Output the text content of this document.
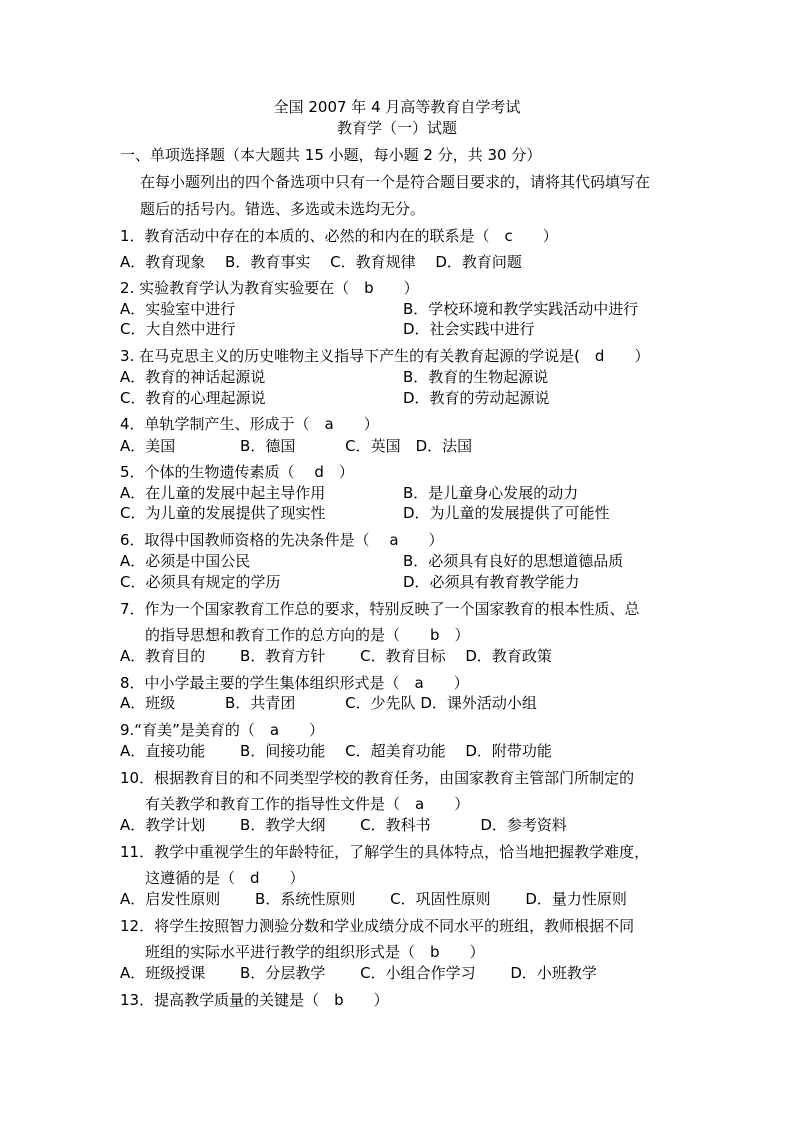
全国 2007 年 4 月高等教育自学考试
教育学（一）试题
一、单项选择题（本大题共 15 小题，每小题 2 分，共 30 分）
在每小题列出的四个备选项中只有一个是符合题目要求的，请将其代码填写在
题后的括号内。错选、多选或未选均无分。
1．教育活动中存在的本质的、必然的和内在的联系是（　c　　）
A．教育现象　 B．教育事实　 C．教育规律　 D．教育问题
2. 实验教育学认为教育实验要在（　b　　）
A．实验室中进行	B．学校环境和教学实践活动中进行
C．大自然中进行	D．社会实践中进行
3. 在马克思主义的历史唯物主义指导下产生的有关教育起源的学说是(　d　　）
A．教育的神话起源说	B．教育的生物起源说
C．教育的心理起源说	D．教育的劳动起源说
4．单轨学制产生、形成于（　a　　）
A．美国　　　　 B．德国　　　 C．英国　D．法国
5．个体的生物遗传素质（　 d　）
A．在儿童的发展中起主导作用	B．是儿童身心发展的动力
C．为儿童的发展提供了现实性	D．为儿童的发展提供了可能性
6．取得中国教师资格的先决条件是（　 a　　）
A．必须是中国公民	B．必须具有良好的思想道德品质
C．必须具有规定的学历	D．必须具有教育教学能力
7．作为一个国家教育工作总的要求，特别反映了一个国家教育的根本性质、总
的指导思想和教育工作的总方向的是（　　b　）
A．教育目的　　 B．教育方针　　 C．教育目标　 D．教育政策
8．中小学最主要的学生集体组织形式是（　a　　）
A．班级　　　 B．共青团　　　 C．少先队 D．课外活动小组
9.“育美”是美育的（　a　　）
A．直接功能　　 B．间接功能　 C．超美育功能　 D．附带功能
10．根据教育目的和不同类型学校的教育任务，由国家教育主管部门所制定的
有关教学和教育工作的指导性文件是（　a　　）
A．教学计划　　 B．教学大纲　　 C．教科书　　　 D．参考资料
11．教学中重视学生的年龄特征，了解学生的具体特点，恰当地把握教学难度，
这遵循的是（　d　　）
A．启发性原则　　 B．系统性原则　　 C．巩固性原则　　 D．量力性原则
12．将学生按照智力测验分数和学业成绩分成不同水平的班组，教师根据不同
班组的实际水平进行教学的组织形式是（　b　　）
A．班级授课　　 B．分层教学　　 C．小组合作学习　　 D．小班教学
13．提高教学质量的关键是（　b　　）
